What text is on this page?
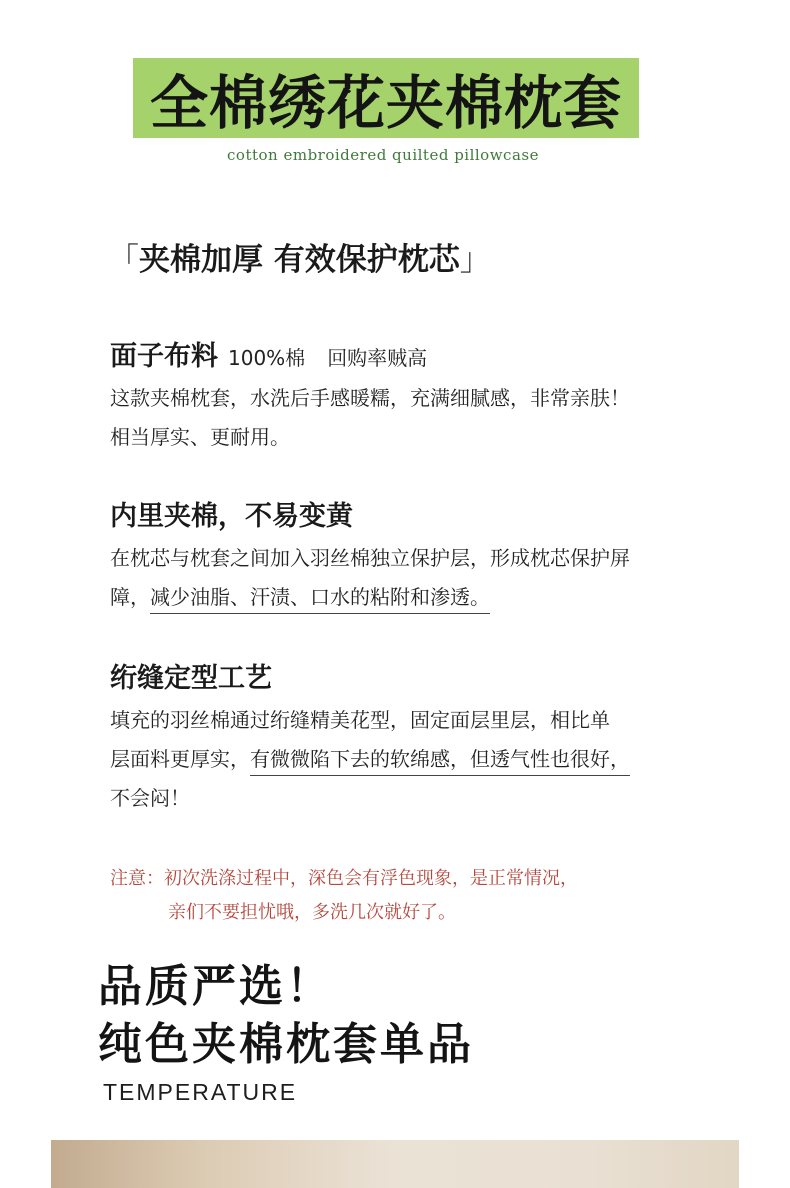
全棉绣花夹棉枕套
cotton embroidered quilted pillowcase
「夹棉加厚 有效保护枕芯」
面子布料 100%棉 回购率贼高
这款夹棉枕套，水洗后手感暖糯，充满细腻感，非常亲肤！
相当厚实、更耐用。
内里夹棉，不易变黄
在枕芯与枕套之间加入羽丝棉独立保护层，形成枕芯保护屏
障，减少油脂、汗渍、口水的粘附和渗透。
绗缝定型工艺
填充的羽丝棉通过绗缝精美花型，固定面层里层，相比单
层面料更厚实，有微微陷下去的软绵感，但透气性也很好，
不会闷！
注意：初次洗涤过程中，深色会有浮色现象，是正常情况，
亲们不要担忧哦，多洗几次就好了。
品质严选！
纯色夹棉枕套单品
TEMPERATURE
